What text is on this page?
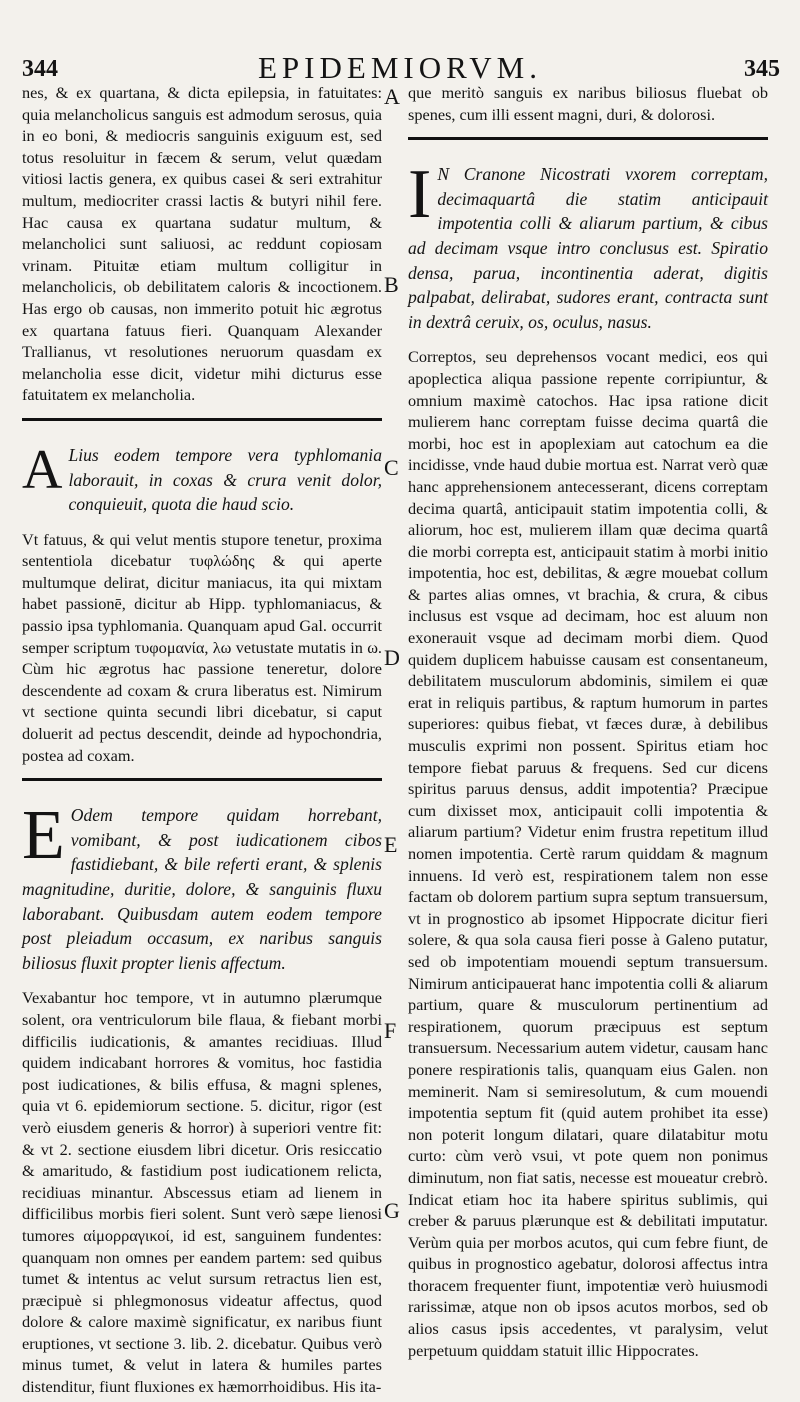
344	EPIDEMIORVM.	345
A
B
C
D
E
F
G

nes, & ex quartana, & dicta epilepsia, in fatuitates: quia melancholicus sanguis est admodum serosus, quia in eo boni, & mediocris sanguinis exiguum est, sed totus resoluitur in fæcem & serum, velut quædam vitiosi lactis genera, ex quibus casei & seri extrahitur multum, mediocriter crassi lactis & butyri nihil fere. Hac causa ex quartana sudatur multum, & melancholici sunt saliuosi, ac reddunt copiosam vrinam. Pituitæ etiam multum colligitur in melancholicis, ob debilitatem caloris & incoctionem. Has ergo ob causas, non immerito potuit hic ægrotus ex quartana fatuus fieri. Quanquam Alexander Trallianus, vt resolutiones neruorum quasdam ex melancholia esse dicit, videtur mihi dicturus esse fatuitatem ex melancholia.

A Lius eodem tempore vera typhlomania laborauit, in coxas & crura venit dolor, conquieuit, quota die haud scio.

Vt fatuus, & qui velut mentis stupore tenetur, proxima sententiola dicebatur τυφλώδης & qui aperte multumque delirat, dicitur maniacus, ita qui mixtam habet passionē, dicitur ab Hipp. typhlomaniacus, & passio ipsa typhlomania. Quanquam apud Gal. occurrit semper scriptum τυφομανία, λω vetustate mutatis in ω. Cùm hic ægrotus hac passione teneretur, dolore descendente ad coxam & crura liberatus est. Nimirum vt sectione quinta secundi libri dicebatur, si caput doluerit ad pectus descendit, deinde ad hypochondria, postea ad coxam.

E Odem tempore quidam horrebant, vomibant, & post iudicationem cibos fastidiebant, & bile referti erant, & splenis magnitudine, duritie, dolore, & sanguinis fluxu laborabant. Quibusdam autem eodem tempore post pleiadum occasum, ex naribus sanguis biliosus fluxit propter lienis affectum.

Vexabantur hoc tempore, vt in autumno plærumque solent, ora ventriculorum bile flaua, & fiebant morbi difficilis iudicationis, & amantes recidiuas. Illud quidem indicabant horrores & vomitus, hoc fastidia post iudicationes, & bilis effusa, & magni splenes, quia vt 6. epidemiorum sectione. 5. dicitur, rigor (est verò eiusdem generis & horror) à superiori ventre fit: & vt 2. sectione eiusdem libri dicetur. Oris resiccatio & amaritudo, & fastidium post iudicationem relicta, recidiuas minantur. Abscessus etiam ad lienem in difficilibus morbis fieri solent. Sunt verò sæpe lienosi tumores αἱμορραγικοί, id est, sanguinem fundentes: quanquam non omnes per eandem partem: sed quibus tumet & intentus ac velut sursum retractus lien est, præcipuè si phlegmonosus videatur affectus, quod dolore & calore maximè significatur, ex naribus fiunt eruptiones, vt sectione 3. lib. 2. dicebatur. Quibus verò minus tumet, & velut in latera & humiles partes distenditur, fiunt fluxiones ex hæmorrhoidibus. His ita-

que meritò sanguis ex naribus biliosus fluebat ob spenes, cum illi essent magni, duri, & dolorosi.

I N Cranone Nicostrati vxorem correptam, decimaquartâ die statim anticipauit impotentia colli & aliarum partium, & cibus ad decimam vsque intro conclusus est. Spiratio densa, parua, incontinentia aderat, digitis palpabat, delirabat, sudores erant, contracta sunt in dextrâ ceruix, os, oculus, nasus.

Correptos, seu deprehensos vocant medici, eos qui apoplectica aliqua passione repente corripiuntur, & omnium maximè catochos. Hac ipsa ratione dicit mulierem hanc correptam fuisse decima quartâ die morbi, hoc est in apoplexiam aut catochum ea die incidisse, vnde haud dubie mortua est. Narrat verò quæ hanc apprehensionem antecesserant, dicens correptam decima quartâ, anticipauit statim impotentia colli, & aliorum, hoc est, mulierem illam quæ decima quartâ die morbi correpta est, anticipauit statim à morbi initio impotentia, hoc est, debilitas, & ægre mouebat collum & partes alias omnes, vt brachia, & crura, & cibus inclusus est vsque ad decimam, hoc est aluum non exonerauit vsque ad decimam morbi diem. Quod quidem duplicem habuisse causam est consentaneum, debilitatem musculorum abdominis, similem ei quæ erat in reliquis partibus, & raptum humorum in partes superiores: quibus fiebat, vt fæces duræ, à debilibus musculis exprimi non possent. Spiritus etiam hoc tempore fiebat paruus & frequens. Sed cur dicens spiritus paruus densus, addit impotentia? Præcipue cum dixisset mox, anticipauit colli impotentia & aliarum partium? Videtur enim frustra repetitum illud nomen impotentia. Certè rarum quiddam & magnum innuens. Id verò est, respirationem talem non esse factam ob dolorem partium supra septum transuersum, vt in prognostico ab ipsomet Hippocrate dicitur fieri solere, & qua sola causa fieri posse à Galeno putatur, sed ob impotentiam mouendi septum transuersum. Nimirum anticipauerat hanc impotentia colli & aliarum partium, quare & musculorum pertinentium ad respirationem, quorum præcipuus est septum transuersum. Necessarium autem videtur, causam hanc ponere respirationis talis, quanquam eius Galen. non meminerit. Nam si semiresolutum, & cum mouendi impotentia septum fit (quid autem prohibet ita esse) non poterit longum dilatari, quare dilatabitur motu curto: cùm verò vsui, vt pote quem non ponimus diminutum, non fiat satis, necesse est moueatur crebrò. Indicat etiam hoc ita habere spiritus sublimis, qui creber & paruus plærunque est & debilitati imputatur. Verùm quia per morbos acutos, qui cum febre fiunt, de quibus in prognostico agebatur, dolorosi affectus intra thoracem frequenter fiunt, impotentiæ verò huiusmodi rarissimæ, atque non ob ipsos acutos morbos, sed ob alios casus ipsis accedentes, vt paralysim, velut perpetuum quiddam statuit illic Hippocrates.
